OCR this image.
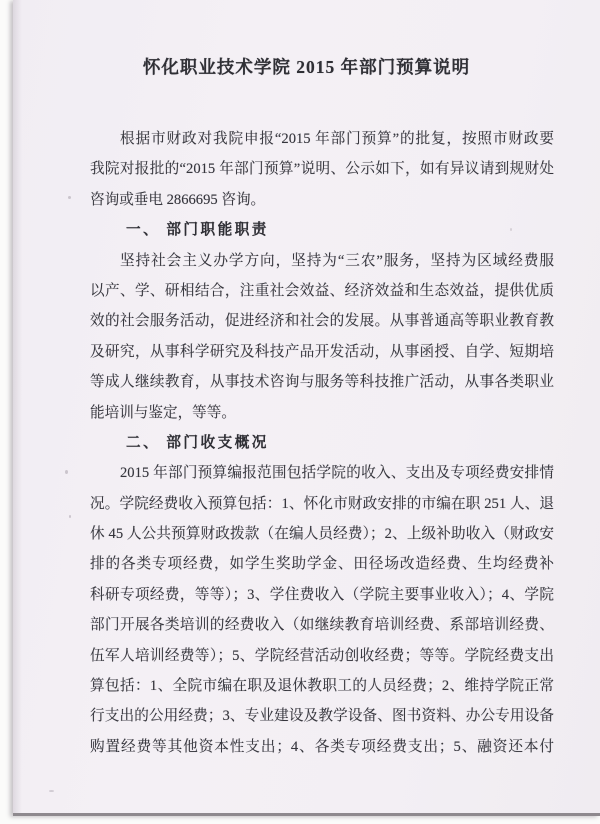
怀化职业技术学院 2015 年部门预算说明
根据市财政对我院申报“2015 年部门预算”的批复，按照市财政要
我院对报批的“2015 年部门预算”说明、公示如下，如有异议请到规财处
咨询或垂电 2866695 咨询。
一、 部门职能职责
坚持社会主义办学方向，坚持为“三农”服务，坚持为区域经费服
以产、学、研相结合，注重社会效益、经济效益和生态效益，提供优质
效的社会服务活动，促进经济和社会的发展。从事普通高等职业教育教
及研究，从事科学研究及科技产品开发活动，从事函授、自学、短期培
等成人继续教育，从事技术咨询与服务等科技推广活动，从事各类职业
能培训与鉴定，等等。
二、 部门收支概况
2015 年部门预算编报范围包括学院的收入、支出及专项经费安排情
况。学院经费收入预算包括：1、怀化市财政安排的市编在职 251 人、退
休 45 人公共预算财政拨款（在编人员经费）；2、上级补助收入（财政安
排的各类专项经费，如学生奖助学金、田径场改造经费、生均经费补
科研专项经费，等等）；3、学住费收入（学院主要事业收入）；4、学院
部门开展各类培训的经费收入（如继续教育培训经费、系部培训经费、
伍军人培训经费等）；5、学院经营活动创收经费；等等。学院经费支出
算包括：1、全院市编在职及退休教职工的人员经费；2、维持学院正常
行支出的公用经费；3、专业建设及教学设备、图书资料、办公专用设备
购置经费等其他资本性支出；4、各类专项经费支出；5、融资还本付
